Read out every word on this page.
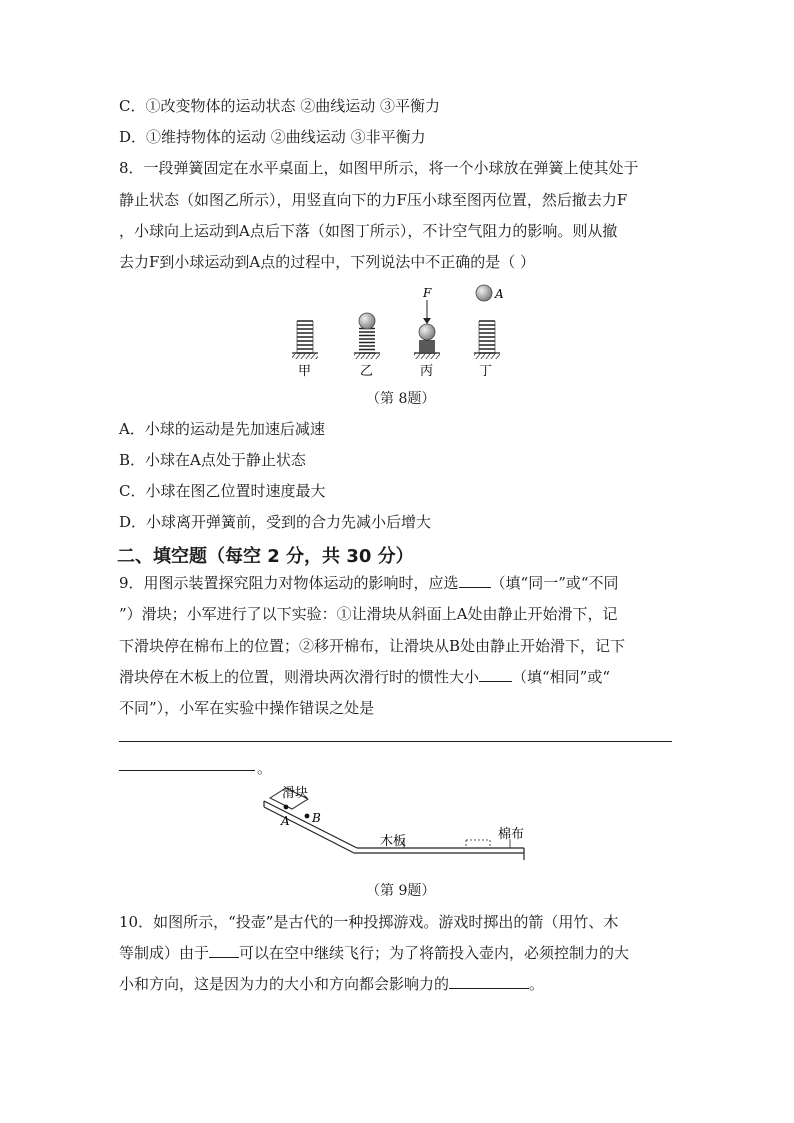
C．①改变物体的运动状态 ②曲线运动 ③平衡力
D．①维持物体的运动 ②曲线运动 ③非平衡力
8．一段弹簧固定在水平桌面上，如图甲所示，将一个小球放在弹簧上使其处于
静止状态（如图乙所示），用竖直向下的力F压小球至图丙位置，然后撤去力F
，小球向上运动到A点后下落（如图丁所示），不计空气阻力的影响。则从撤
去力F到小球运动到A点的过程中，下列说法中不正确的是（ ）
F	A
甲	乙	丙	丁
（第 8题）
A．小球的运动是先加速后减速
B．小球在A点处于静止状态
C．小球在图乙位置时速度最大
D．小球离开弹簧前，受到的合力先减小后增大
二、填空题（每空 2 分，共 30 分）
9．用图示装置探究阻力对物体运动的影响时，应选 （填“同一”或“不同
”）滑块；小军进行了以下实验：①让滑块从斜面上A处由静止开始滑下，记
下滑块停在棉布上的位置；②移开棉布，让滑块从B处由静止开始滑下，记下
滑块停在木板上的位置，则滑块两次滑行时的惯性大小 （填“相同”或“
不同”），小军在实验中操作错误之处是
。
滑块
A B
木板	棉布
（第 9题）
10．如图所示，“投壶”是古代的一种投掷游戏。游戏时掷出的箭（用竹、木
等制成）由于 可以在空中继续飞行；为了将箭投入壶内，必须控制力的大
小和方向，这是因为力的大小和方向都会影响力的	。
